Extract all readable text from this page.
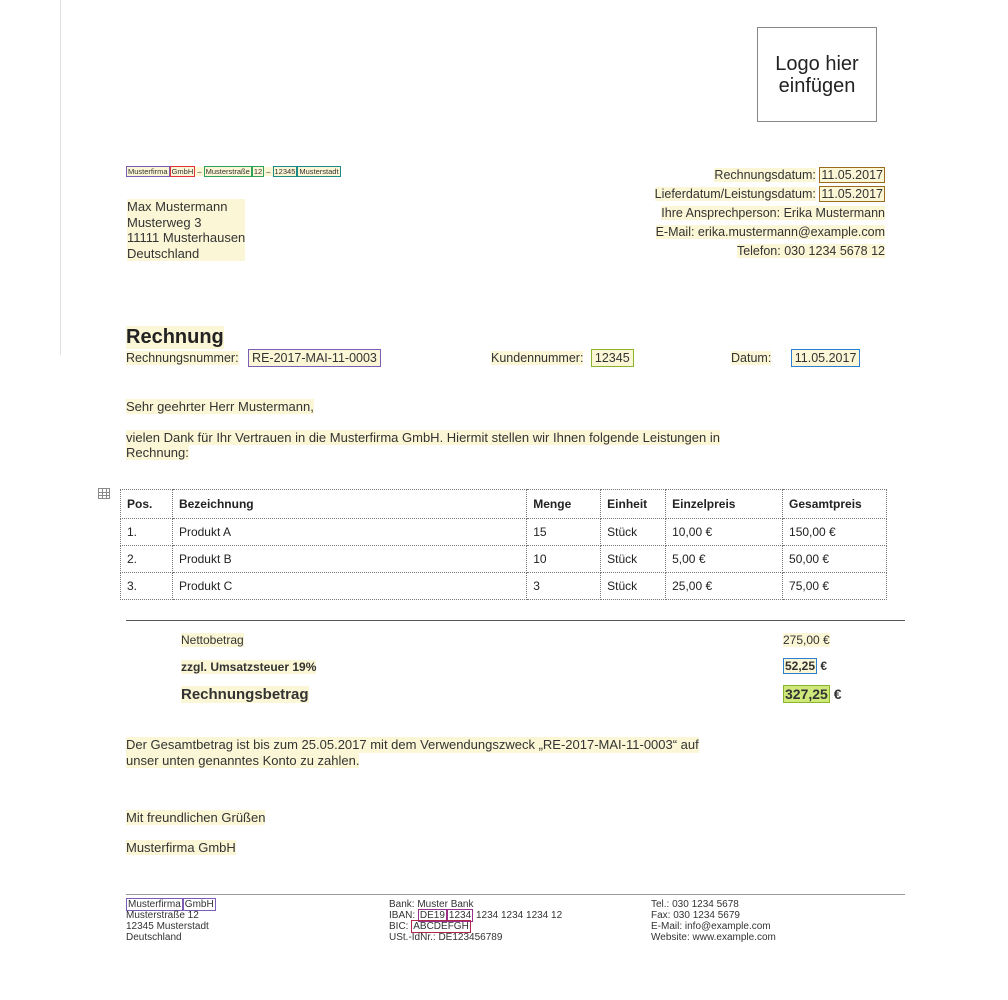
Logo hier einfügen
Musterfirma GmbH – Musterstraße 12 – 12345 Musterstadt
Max Mustermann
Musterweg 3
11111 Musterhausen
Deutschland
Rechnungsdatum: 11.05.2017
Lieferdatum/Leistungsdatum: 11.05.2017
Ihre Ansprechperson: Erika Mustermann
E-Mail: erika.mustermann@example.com
Telefon: 030 1234 5678 12
Rechnung
Rechnungsnummer: RE-2017-MAI-11-0003	Kundennummer: 12345	Datum: 11.05.2017
Sehr geehrter Herr Mustermann,
vielen Dank für Ihr Vertrauen in die Musterfirma GmbH. Hiermit stellen wir Ihnen folgende Leistungen in
Rechnung:
Pos.	Bezeichnung	Menge	Einheit	Einzelpreis	Gesamtpreis
1.	Produkt A	15	Stück	10,00 €	150,00 €
2.	Produkt B	10	Stück	5,00 €	50,00 €
3.	Produkt C	3	Stück	25,00 €	75,00 €
Nettobetrag	275,00 €
zzgl. Umsatzsteuer 19%	52,25 €
Rechnungsbetrag	327,25 €
Der Gesamtbetrag ist bis zum 25.05.2017 mit dem Verwendungszweck „RE-2017-MAI-11-0003“ auf
unser unten genanntes Konto zu zahlen.
Mit freundlichen Grüßen
Musterfirma GmbH
Musterfirma GmbH
Musterstraße 12
12345 Musterstadt
Deutschland
Bank: Muster Bank
IBAN: DE19 1234 1234 1234 1234 12
BIC: ABCDEFGH
USt.-IdNr.: DE123456789
Tel.: 030 1234 5678
Fax: 030 1234 5679
E-Mail: info@example.com
Website: www.example.com
